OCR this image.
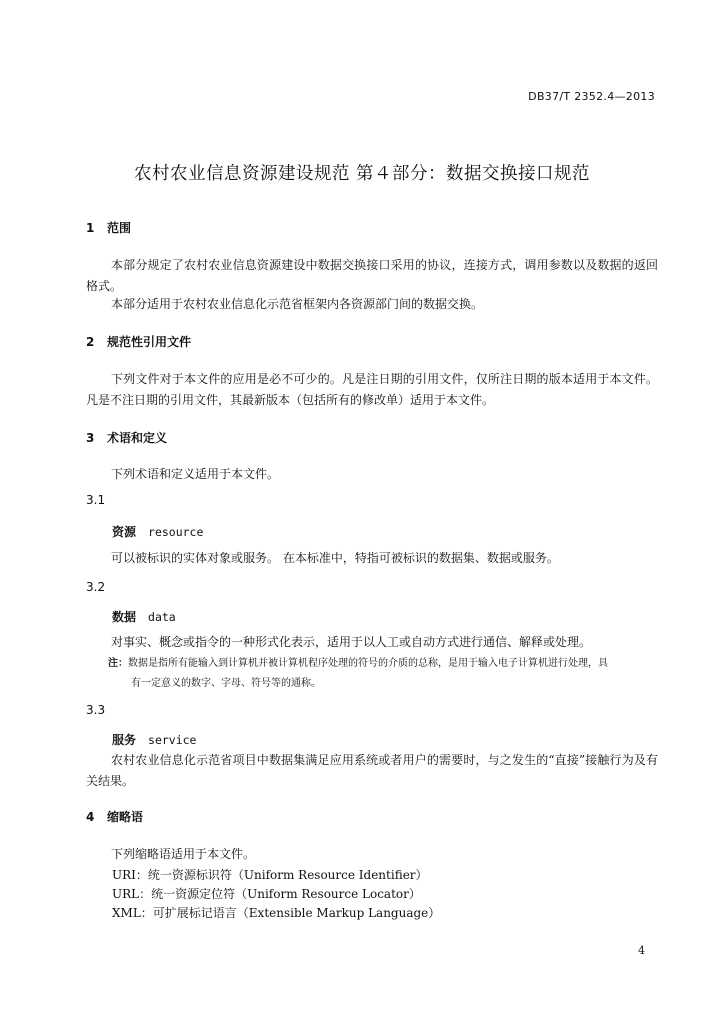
DB37/T 2352.4—2013
农村农业信息资源建设规范 第４部分：数据交换接口规范
1 范围
本部分规定了农村农业信息资源建设中数据交换接口采用的协议，连接方式，调用参数以及数据的返回格式。
本部分适用于农村农业信息化示范省框架内各资源部门间的数据交换。
2 规范性引用文件
下列文件对于本文件的应用是必不可少的。凡是注日期的引用文件，仅所注日期的版本适用于本文件。凡是不注日期的引用文件，其最新版本（包括所有的修改单）适用于本文件。
3 术语和定义
下列术语和定义适用于本文件。
3.1
资源 resource
可以被标识的实体对象或服务。 在本标准中，特指可被标识的数据集、数据或服务。
3.2
数据 data
对事实、概念或指令的一种形式化表示，适用于以人工或自动方式进行通信、解释或处理。
注：数据是指所有能输入到计算机并被计算机程序处理的符号的介质的总称，是用于输入电子计算机进行处理，具
有一定意义的数字、字母、符号等的通称。
3.3
服务 service
农村农业信息化示范省项目中数据集满足应用系统或者用户的需要时，与之发生的“直接”接触行为及有关结果。
4 缩略语
下列缩略语适用于本文件。
URI：统一资源标识符（Uniform Resource Identifier）
URL：统一资源定位符（Uniform Resource Locator）
XML：可扩展标记语言（Extensible Markup Language）
4
